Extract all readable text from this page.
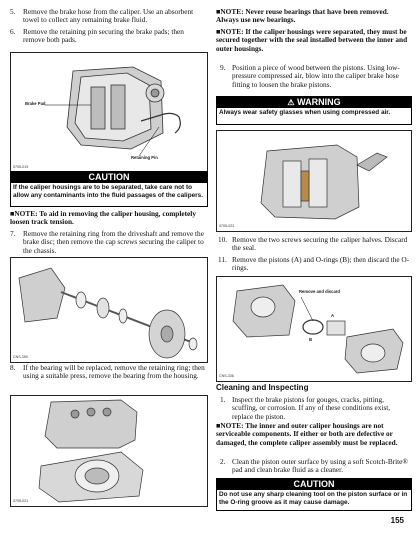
5.	Remove the brake hose from the caliper. Use an absorbent towel to collect any remaining brake fluid.
6.	Remove the retaining pin securing the brake pads; then remove both pads.
Brake Pad
Retaining Pin
0705-019
CAUTION
If the caliper housings are to be separated, take care not to allow any contaminants into the fluid passages of the calipers.
■NOTE: To aid in removing the caliper housing, completely loosen track tension.
7.	Remove the retaining ring from the driveshaft and remove the brake disc; then remove the cap screws securing the caliper to the chassis.
CNS-359
8.	If the bearing will be replaced, remove the retaining ring; then using a suitable press, remove the bearing from the housing.
0705-021
■NOTE: Never reuse bearings that have been removed. Always use new bearings.
■NOTE: If the caliper housings were separated, they must be secured together with the seal installed between the inner and outer housings.
9. Position a piece of wood between the pistons. Using low-pressure compressed air, blow into the caliper brake hose fitting to loosen the brake pistons.
⚠ WARNING
Always wear safety glasses when using compressed air.
0705-023
10. Remove the two screws securing the caliper halves. Discard the seal.
11. Remove the pistons (A) and O-rings (B); then discard the O-rings.
Remove and discard
A
B
CNS-336
Cleaning and Inspecting
1. Inspect the brake pistons for gouges, cracks, pitting, scuffing, or corrosion. If any of these conditions exist, replace the piston.
■NOTE: The inner and outer caliper housings are not serviceable components. If either or both are defective or damaged, the complete caliper assembly must be replaced.
2. Clean the piston outer surface by using a soft Scotch-Brite® pad and clean brake fluid as a cleaner.
CAUTION
Do not use any sharp cleaning tool on the piston surface or in the O-ring groove as it may cause damage.
155
